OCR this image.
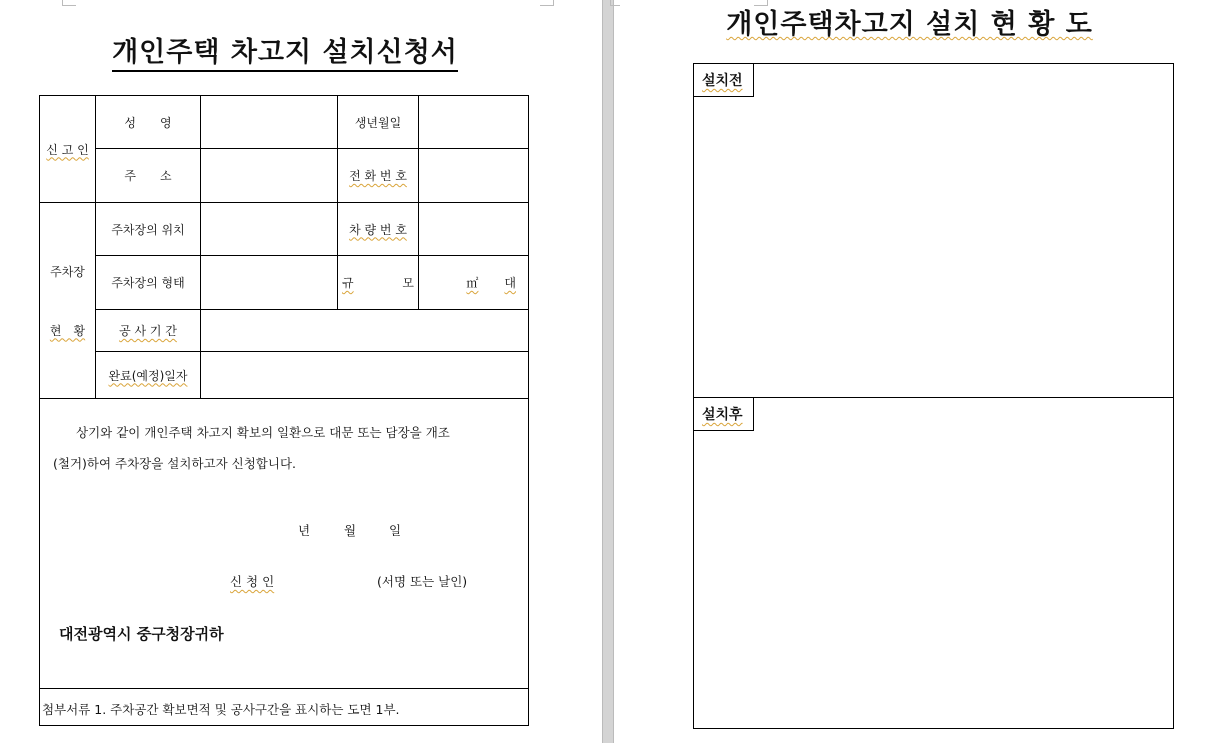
개인주택 차고지 설치신청서
신 고 인	성　　영		생년월일	
	주　　소		전 화 번 호	

주차장
현　황	주차장의 위치		차 량 번 호	
	주차장의 형태		규 모	㎡ 대
	공 사 기 간			
	완료(예정)일자			
상기와 같이 개인주택 차고지 확보의 일환으로 대문 또는 담장을 개조
(철거)하여 주차장을 설치하고자 신청합니다.
년	월	일
신 청 인	(서명 또는 날인)
대전광역시 중구청장귀하
첨부서류 1. 주차공간 확보면적 및 공사구간을 표시하는 도면 1부.
개인주택차고지 설치 현 황 도
설치전
설치후
